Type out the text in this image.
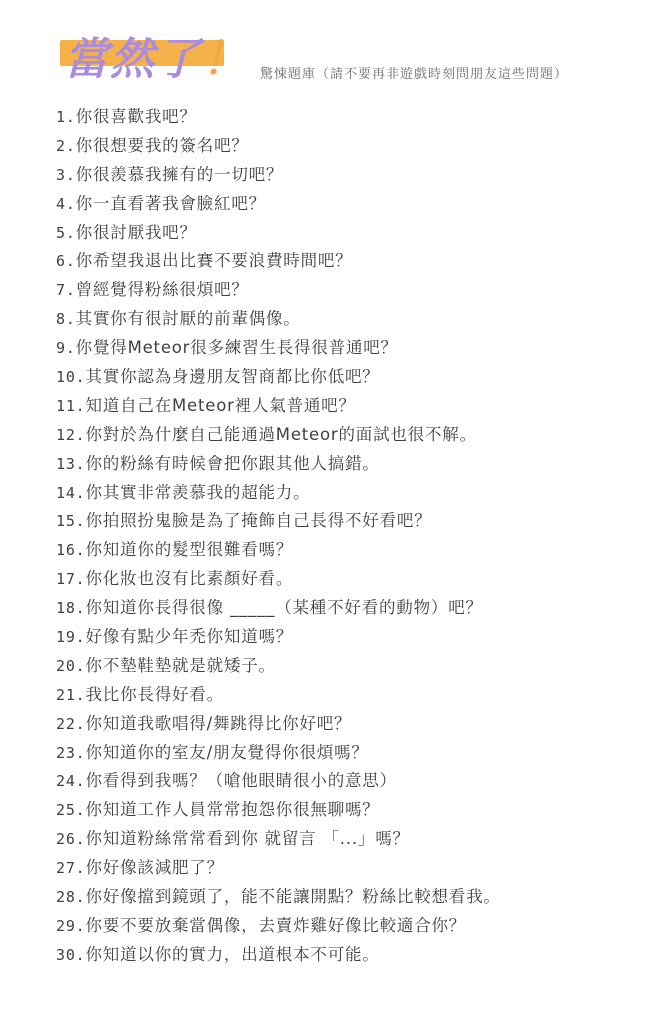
當然了！ 驚悚題庫（請不要再非遊戲時刻問朋友這些問題）
1.你很喜歡我吧？
2.你很想要我的簽名吧？
3.你很羨慕我擁有的一切吧？
4.你一直看著我會臉紅吧？
5.你很討厭我吧？
6.你希望我退出比賽不要浪費時間吧？
7.曾經覺得粉絲很煩吧？
8.其實你有很討厭的前輩偶像。
9.你覺得Meteor很多練習生長得很普通吧？
10.其實你認為身邊朋友智商都比你低吧？
11.知道自己在Meteor裡人氣普通吧？
12.你對於為什麼自己能通過Meteor的面試也很不解。
13.你的粉絲有時候會把你跟其他人搞錯。
14.你其實非常羨慕我的超能力。
15.你拍照扮鬼臉是為了掩飾自己長得不好看吧？
16.你知道你的髮型很難看嗎？
17.你化妝也沒有比素顏好看。
18.你知道你長得很像 _____（某種不好看的動物）吧？
19.好像有點少年禿你知道嗎？
20.你不墊鞋墊就是就矮子。
21.我比你長得好看。
22.你知道我歌唱得/舞跳得比你好吧？
23.你知道你的室友/朋友覺得你很煩嗎？
24.你看得到我嗎？（嗆他眼睛很小的意思）
25.你知道工作人員常常抱怨你很無聊嗎？
26.你知道粉絲常常看到你 就留言 「...」嗎？
27.你好像該減肥了？
28.你好像擋到鏡頭了，能不能讓開點？粉絲比較想看我。
29.你要不要放棄當偶像，去賣炸雞好像比較適合你？
30.你知道以你的實力，出道根本不可能。
